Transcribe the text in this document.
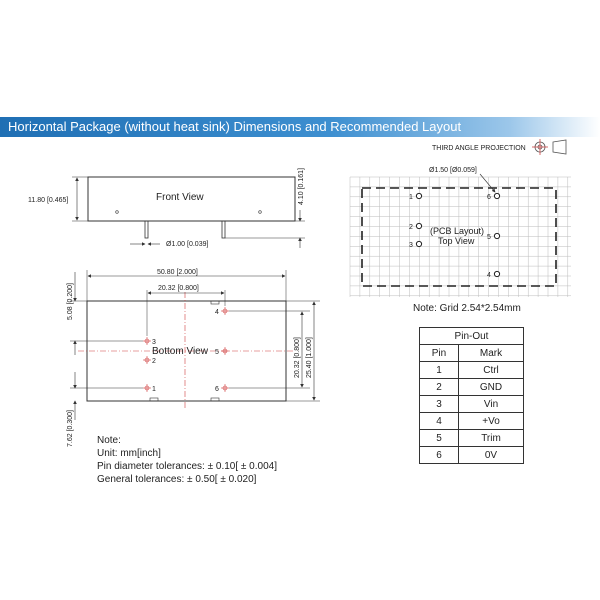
Horizontal Package (without heat sink) Dimensions and Recommended Layout
THIRD ANGLE PROJECTION
Front View
11.80 [0.465]	4.10 [0.161]
Ø1.00 [0.039]
Bottom View
50.80 [2.000]
20.32 [0.800]
5.08 [0.200]
7.62 [0.300]
20.32 [0.800] 25.40 [1.000]
1
2
3
4
5
6
(PCB Layout)
Top View
Ø1.50 [Ø0.059]
1
2
3
4
5
6
Note: Grid 2.54*2.54mm
Note:
Unit: mm[inch]
Pin diameter tolerances: ± 0.10[ ± 0.004]
General tolerances: ± 0.50[ ± 0.020]
Pin-Out	
Pin	Mark
1	Ctrl
2	GND
3	Vin
4	+Vo
5	Trim
6	0V
